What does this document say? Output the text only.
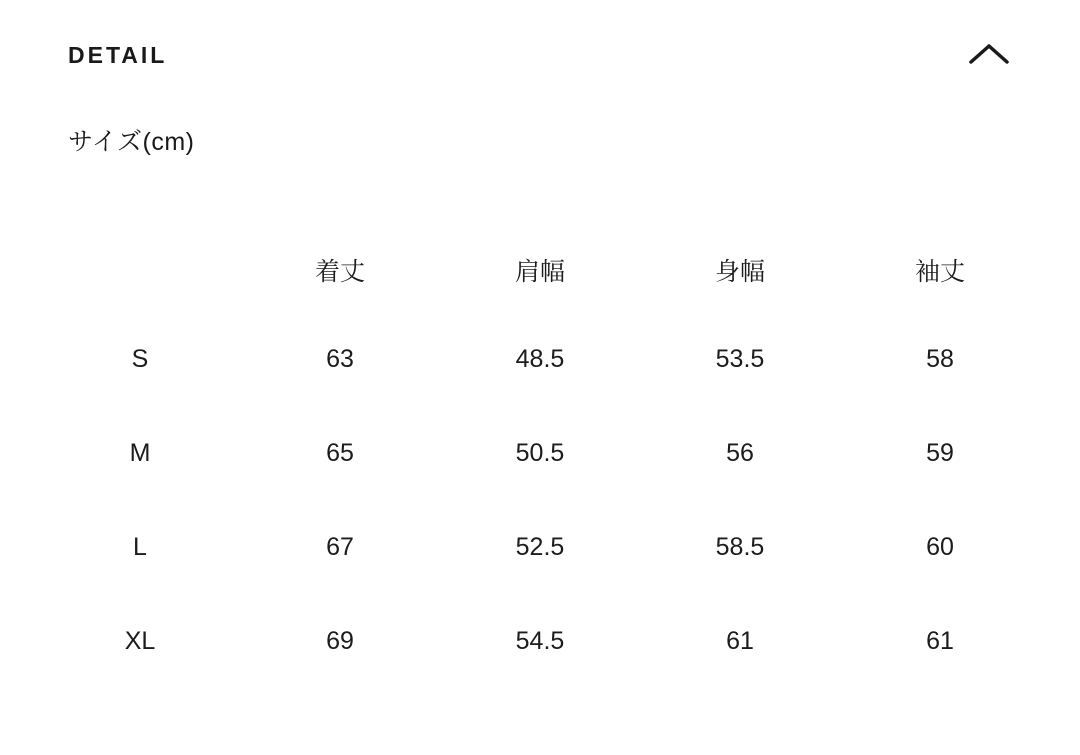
DETAIL
サイズ(cm)
	着丈	肩幅	身幅	袖丈
S	63	48.5	53.5	58
M	65	50.5	56	59
L	67	52.5	58.5	60
XL	69	54.5	61	61
